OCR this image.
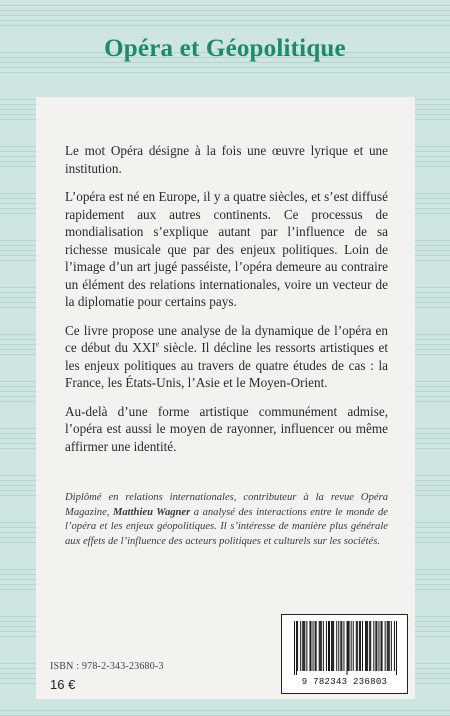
Opéra et Géopolitique

Le mot Opéra désigne à la fois une œuvre lyrique et une institution.

L’opéra est né en Europe, il y a quatre siècles, et s’est diffusé rapidement aux autres continents. Ce processus de mondialisation s’explique autant par l’influence de sa richesse musicale que par des enjeux politiques. Loin de l’image d’un art jugé passéiste, l’opéra demeure au contraire un élément des relations internationales, voire un vecteur de la diplomatie pour certains pays.

Ce livre propose une analyse de la dynamique de l’opéra en ce début du XXIe siècle. Il décline les ressorts artistiques et les enjeux politiques au travers de quatre études de cas : la France, les États-Unis, l’Asie et le Moyen-Orient.

Au-delà d’une forme artistique communément admise, l’opéra est aussi le moyen de rayonner, influencer ou même affirmer une identité.

Diplômé en relations internationales, contributeur à la revue Opéra Magazine, Matthieu Wagner a analysé des interactions entre le monde de l’opéra et les enjeux géopolitiques. Il s’intéresse de manière plus générale aux effets de l’influence des acteurs politiques et culturels sur les sociétés.

ISBN : 978-2-343-23680-3
16 €	9 782343 236803
